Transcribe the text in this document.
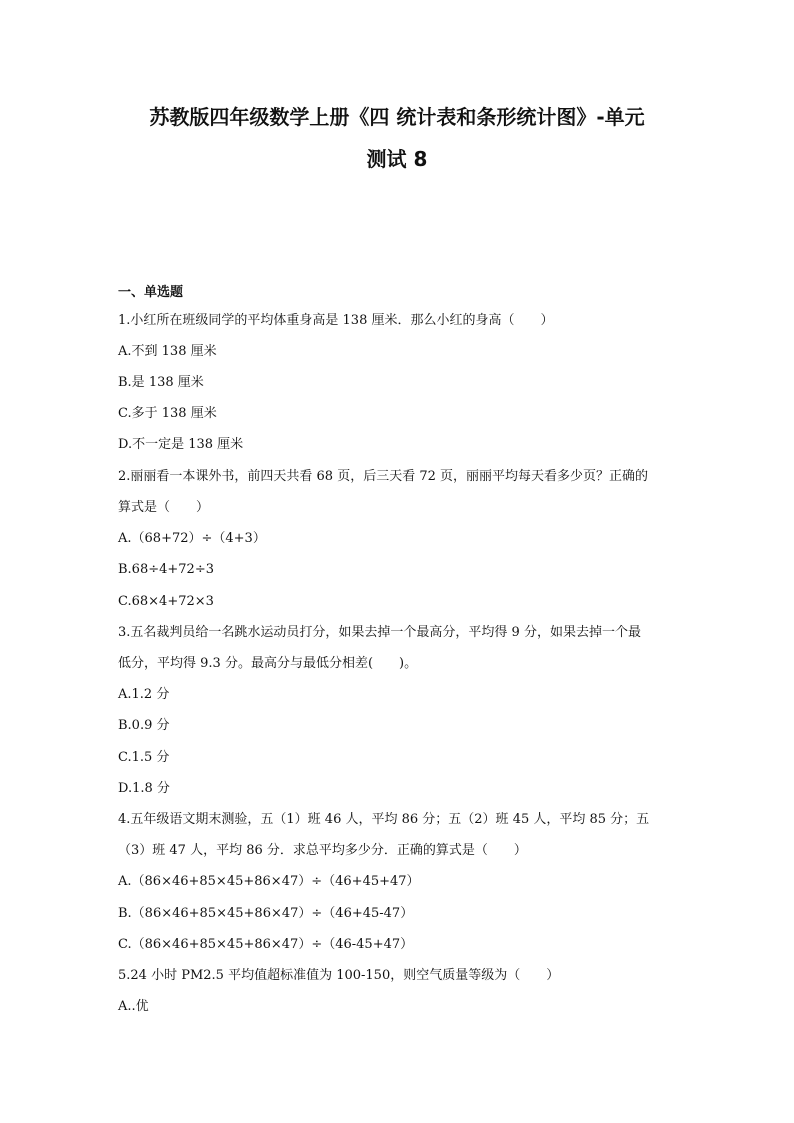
苏教版四年级数学上册《四 统计表和条形统计图》-单元
测试 8
一、单选题
1.小红所在班级同学的平均体重身高是 138 厘米．那么小红的身高（　　）
A.不到 138 厘米
B.是 138 厘米
C.多于 138 厘米
D.不一定是 138 厘米
2.丽丽看一本课外书，前四天共看 68 页，后三天看 72 页，丽丽平均每天看多少页？正确的
算式是（　　）
A.（68+72）÷（4+3）
B.68÷4+72÷3
C.68×4+72×3
3.五名裁判员给一名跳水运动员打分，如果去掉一个最高分，平均得 9 分，如果去掉一个最
低分，平均得 9.3 分。最高分与最低分相差(　　)。
A.1.2 分
B.0.9 分
C.1.5 分
D.1.8 分
4.五年级语文期末测验，五（1）班 46 人，平均 86 分；五（2）班 45 人，平均 85 分；五
（3）班 47 人，平均 86 分．求总平均多少分．正确的算式是（　　）
A.（86×46+85×45+86×47）÷（46+45+47）
B.（86×46+85×45+86×47）÷（46+45-47）
C.（86×46+85×45+86×47）÷（46-45+47）
5.24 小时 PM2.5 平均值超标准值为 100-150，则空气质量等级为（　　）
A..优
